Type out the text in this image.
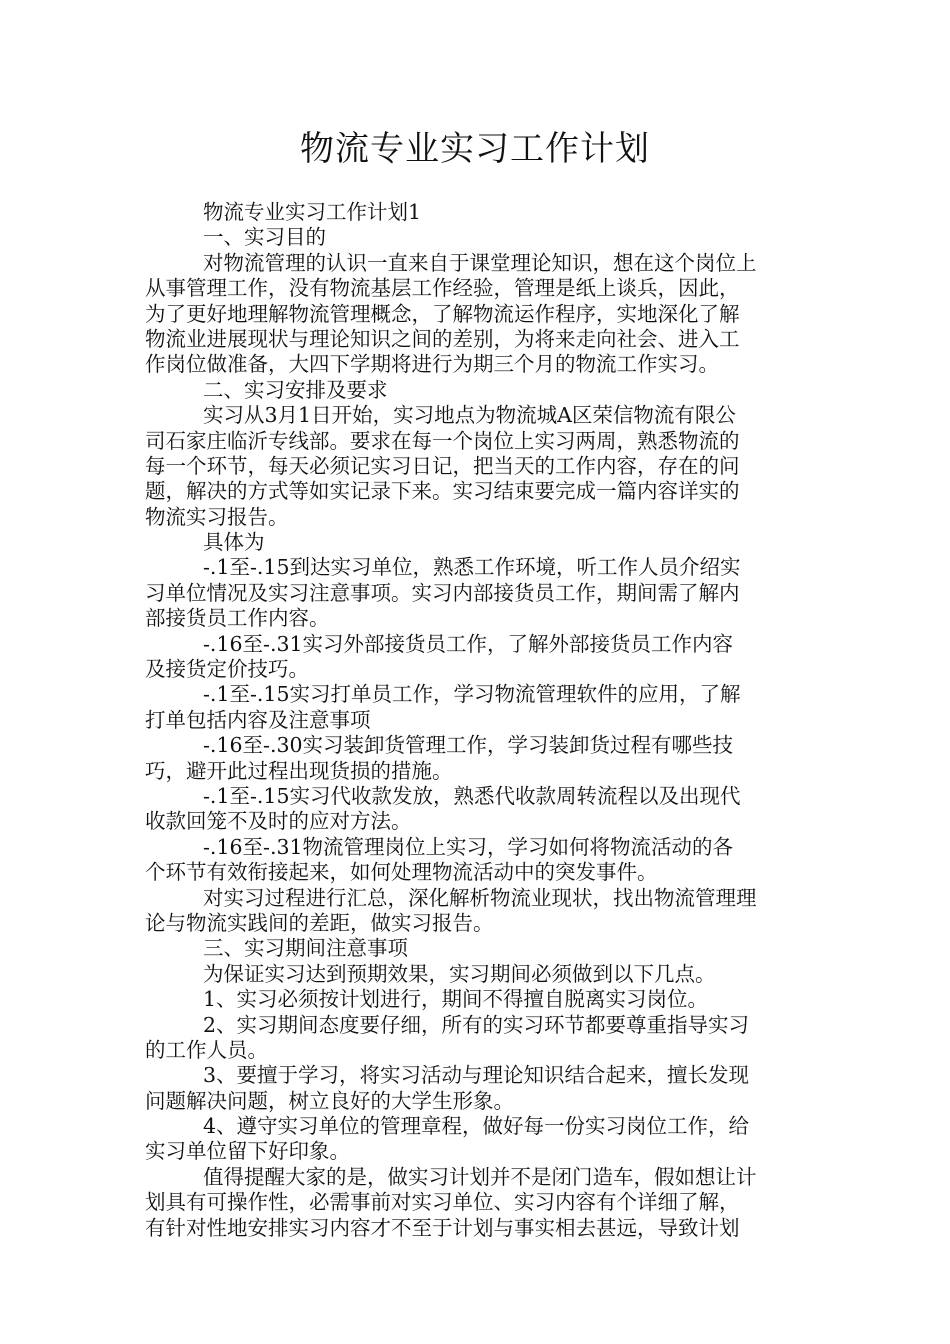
物流专业实习工作计划
物流专业实习工作计划1
一、实习目的
对物流管理的认识一直来自于课堂理论知识，想在这个岗位上
从事管理工作，没有物流基层工作经验，管理是纸上谈兵，因此，
为了更好地理解物流管理概念，了解物流运作程序，实地深化了解
物流业进展现状与理论知识之间的差别，为将来走向社会、进入工
作岗位做准备，大四下学期将进行为期三个月的物流工作实习。
二、实习安排及要求
实习从3月1日开始，实习地点为物流城A区荣信物流有限公
司石家庄临沂专线部。要求在每一个岗位上实习两周，熟悉物流的
每一个环节，每天必须记实习日记，把当天的工作内容，存在的问
题，解决的方式等如实记录下来。实习结束要完成一篇内容详实的
物流实习报告。
具体为
-.1至-.15到达实习单位，熟悉工作环境，听工作人员介绍实
习单位情况及实习注意事项。实习内部接货员工作，期间需了解内
部接货员工作内容。
-.16至-.31实习外部接货员工作，了解外部接货员工作内容
及接货定价技巧。
-.1至-.15实习打单员工作，学习物流管理软件的应用，了解
打单包括内容及注意事项
-.16至-.30实习装卸货管理工作，学习装卸货过程有哪些技
巧，避开此过程出现货损的措施。
-.1至-.15实习代收款发放，熟悉代收款周转流程以及出现代
收款回笼不及时的应对方法。
-.16至-.31物流管理岗位上实习，学习如何将物流活动的各
个环节有效衔接起来，如何处理物流活动中的突发事件。
对实习过程进行汇总，深化解析物流业现状，找出物流管理理
论与物流实践间的差距，做实习报告。
三、实习期间注意事项
为保证实习达到预期效果，实习期间必须做到以下几点。
1、实习必须按计划进行，期间不得擅自脱离实习岗位。
2、实习期间态度要仔细，所有的实习环节都要尊重指导实习
的工作人员。
3、要擅于学习，将实习活动与理论知识结合起来，擅长发现
问题解决问题，树立良好的大学生形象。
4、遵守实习单位的管理章程，做好每一份实习岗位工作，给
实习单位留下好印象。
值得提醒大家的是，做实习计划并不是闭门造车，假如想让计
划具有可操作性，必需事前对实习单位、实习内容有个详细了解，
有针对性地安排实习内容才不至于计划与事实相去甚远，导致计划
